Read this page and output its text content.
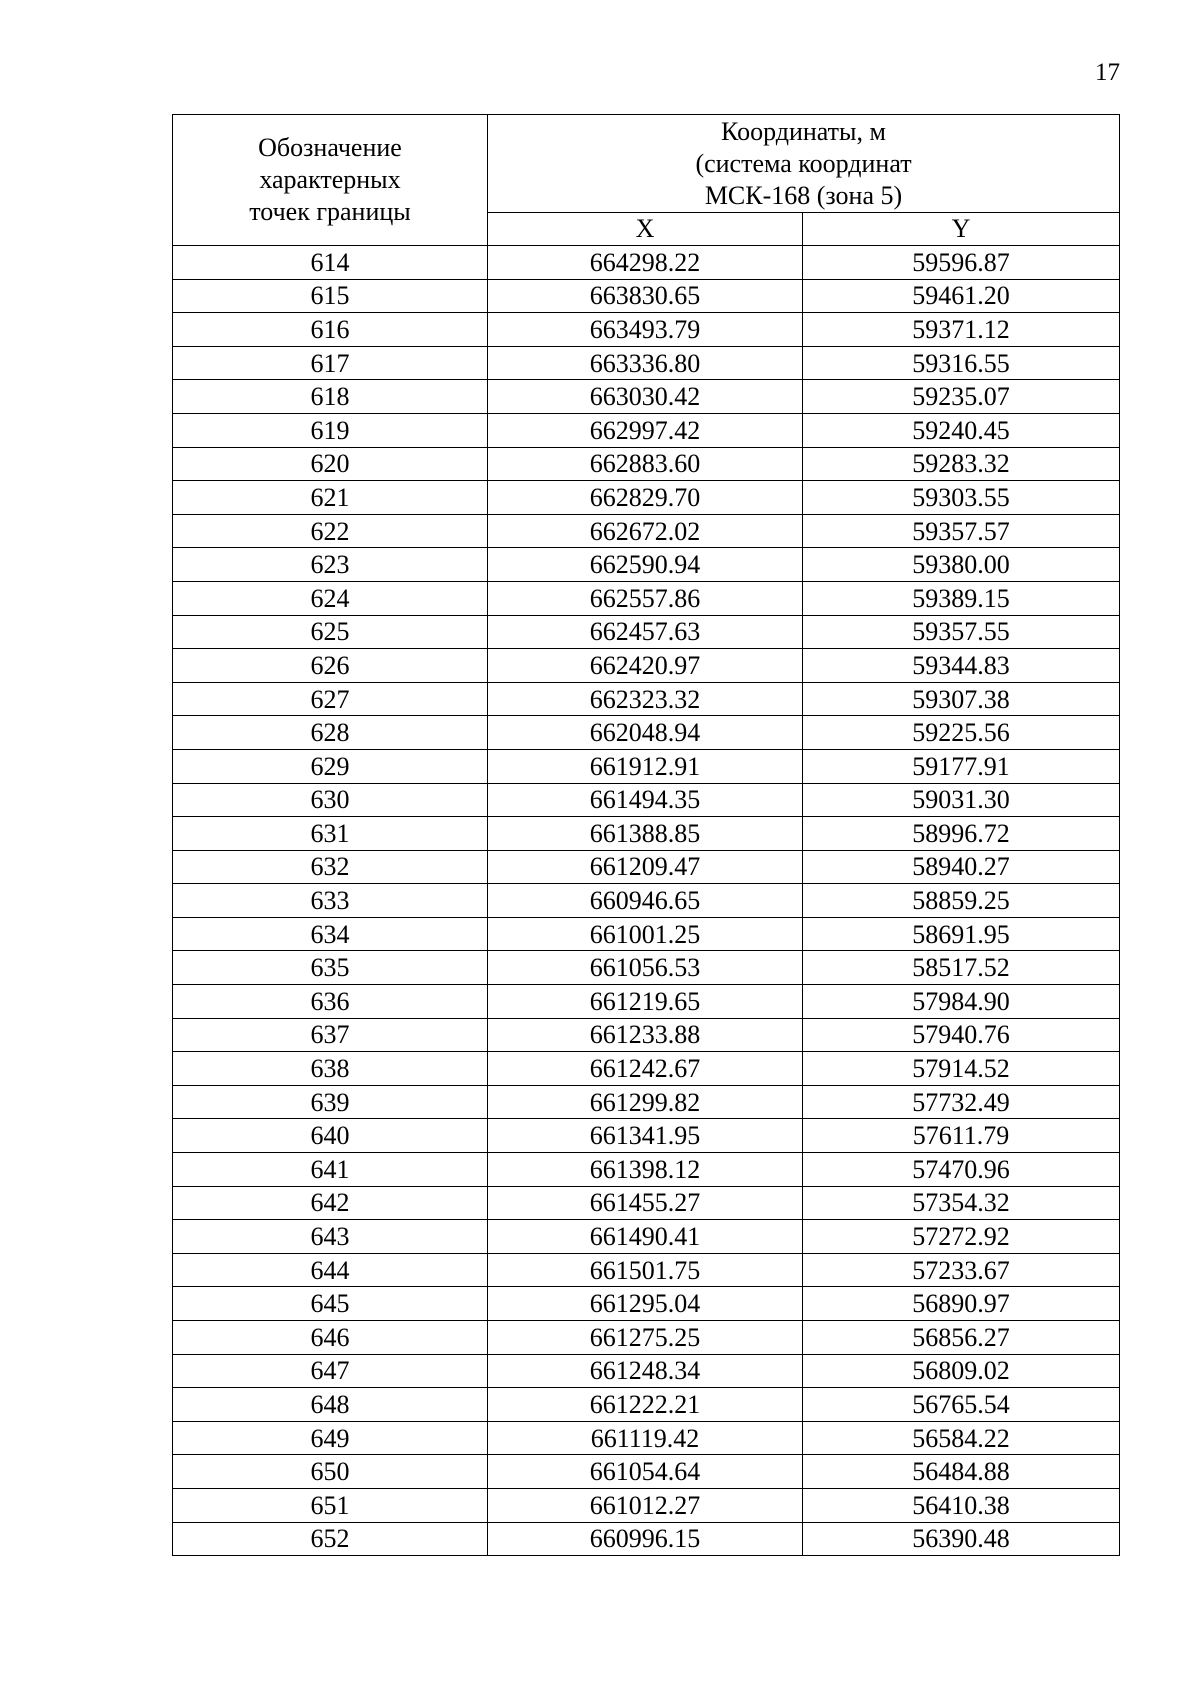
17
Обозначение
характерных
точек границы	Координаты, м
(система координат
МСК-168 (зона 5)	

	X	Y
614	664298.22	59596.87
615	663830.65	59461.20
616	663493.79	59371.12
617	663336.80	59316.55
618	663030.42	59235.07
619	662997.42	59240.45
620	662883.60	59283.32
621	662829.70	59303.55
622	662672.02	59357.57
623	662590.94	59380.00
624	662557.86	59389.15
625	662457.63	59357.55
626	662420.97	59344.83
627	662323.32	59307.38
628	662048.94	59225.56
629	661912.91	59177.91
630	661494.35	59031.30
631	661388.85	58996.72
632	661209.47	58940.27
633	660946.65	58859.25
634	661001.25	58691.95
635	661056.53	58517.52
636	661219.65	57984.90
637	661233.88	57940.76
638	661242.67	57914.52
639	661299.82	57732.49
640	661341.95	57611.79
641	661398.12	57470.96
642	661455.27	57354.32
643	661490.41	57272.92
644	661501.75	57233.67
645	661295.04	56890.97
646	661275.25	56856.27
647	661248.34	56809.02
648	661222.21	56765.54
649	661119.42	56584.22
650	661054.64	56484.88
651	661012.27	56410.38
652	660996.15	56390.48
